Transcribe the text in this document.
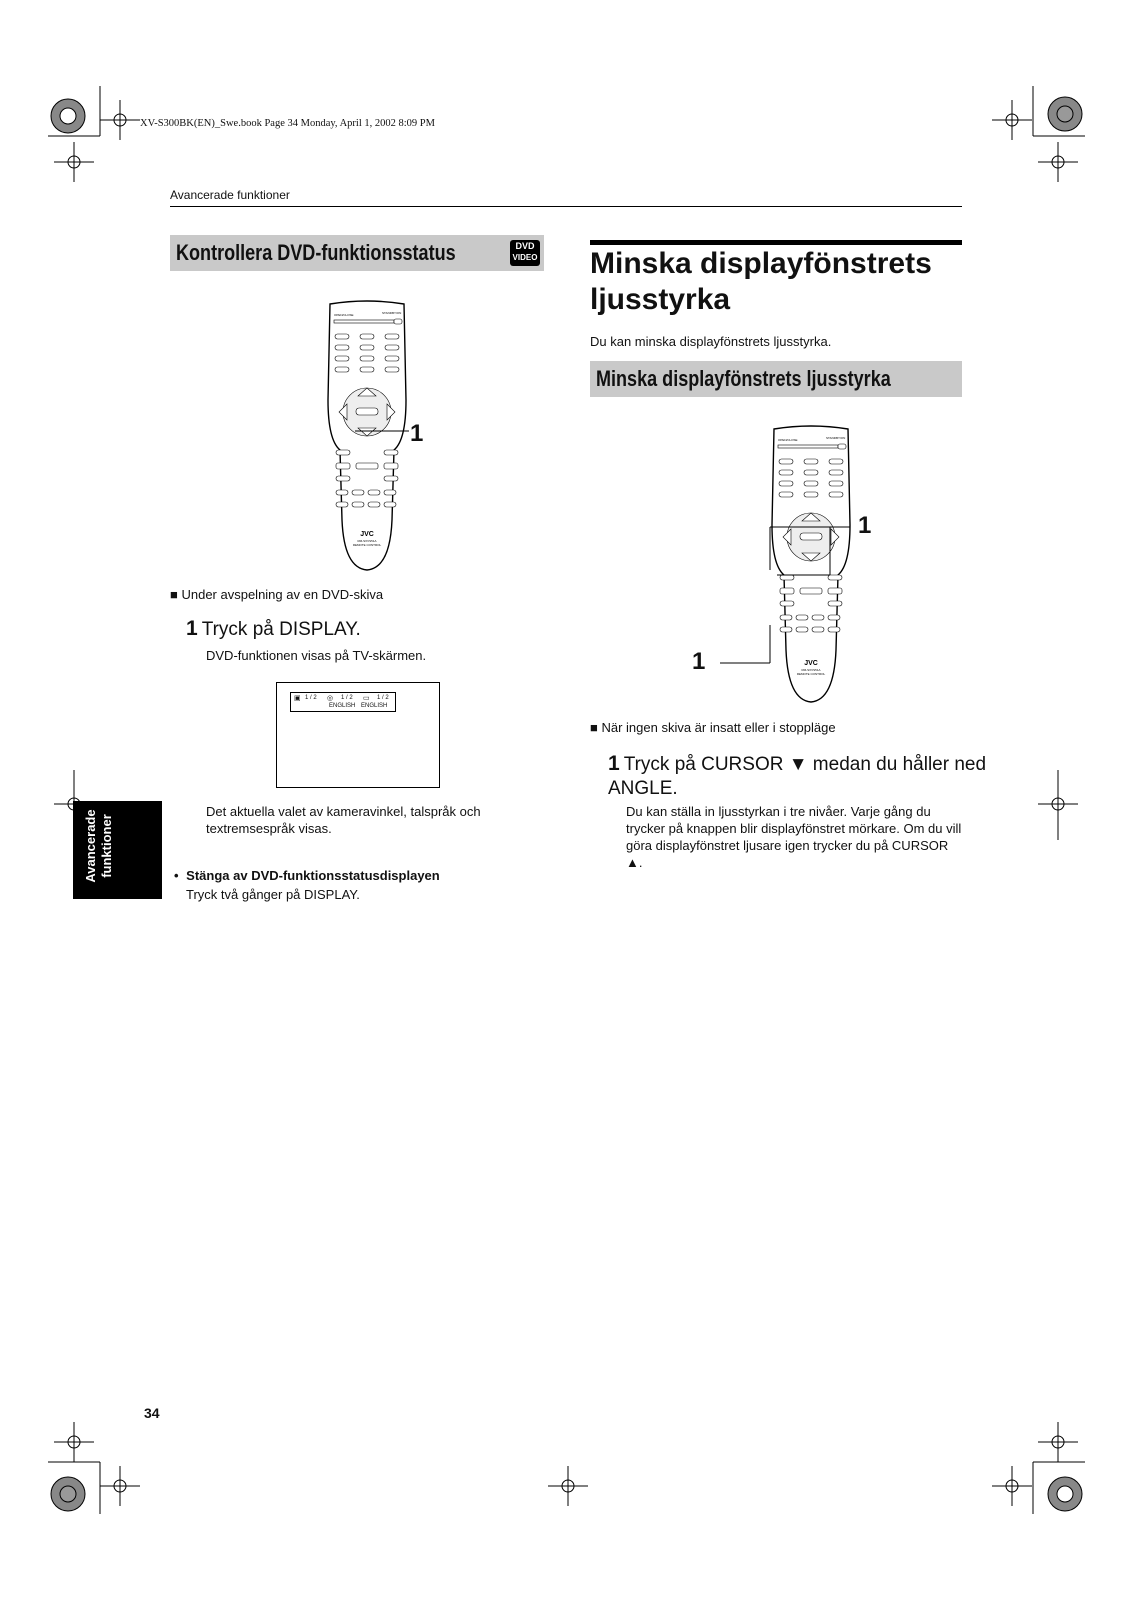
XV-S300BK(EN)_Swe.book Page 34 Monday, April 1, 2002 8:09 PM
Avancerade funktioner
Kontrollera DVD-funktionsstatus	DVD
VIDEO
OPEN/CLOSE	STANDBY/ON
JVC
RM-SXVS51A
REMOTE CONTROL
1
■ Under avspelning av en DVD-skiva
1 Tryck på DISPLAY.
DVD-funktionen visas på TV-skärmen.
▣ 1 / 2 ◎ 1 / 2 ▭ 1 / 2
ENGLISH ENGLISH
Det aktuella valet av kameravinkel, talspråk och textremsespråk visas.
• Stänga av DVD-funktionsstatusdisplayen
Tryck två gånger på DISPLAY.
Avancerade funktioner
Minska displayfönstrets
ljusstyrka
Du kan minska displayfönstrets ljusstyrka.
Minska displayfönstrets ljusstyrka
OPEN/CLOSE	STANDBY/ON
JVC
RM-SXVS51A
REMOTE CONTROL
1
1
■ När ingen skiva är insatt eller i stoppläge
1 Tryck på CURSOR ▼ medan du håller ned
ANGLE.
Du kan ställa in ljusstyrkan i tre nivåer. Varje gång du trycker på knappen blir displayfönstret mörkare. Om du vill göra displayfönstret ljusare igen trycker du på CURSOR ▲.
34
